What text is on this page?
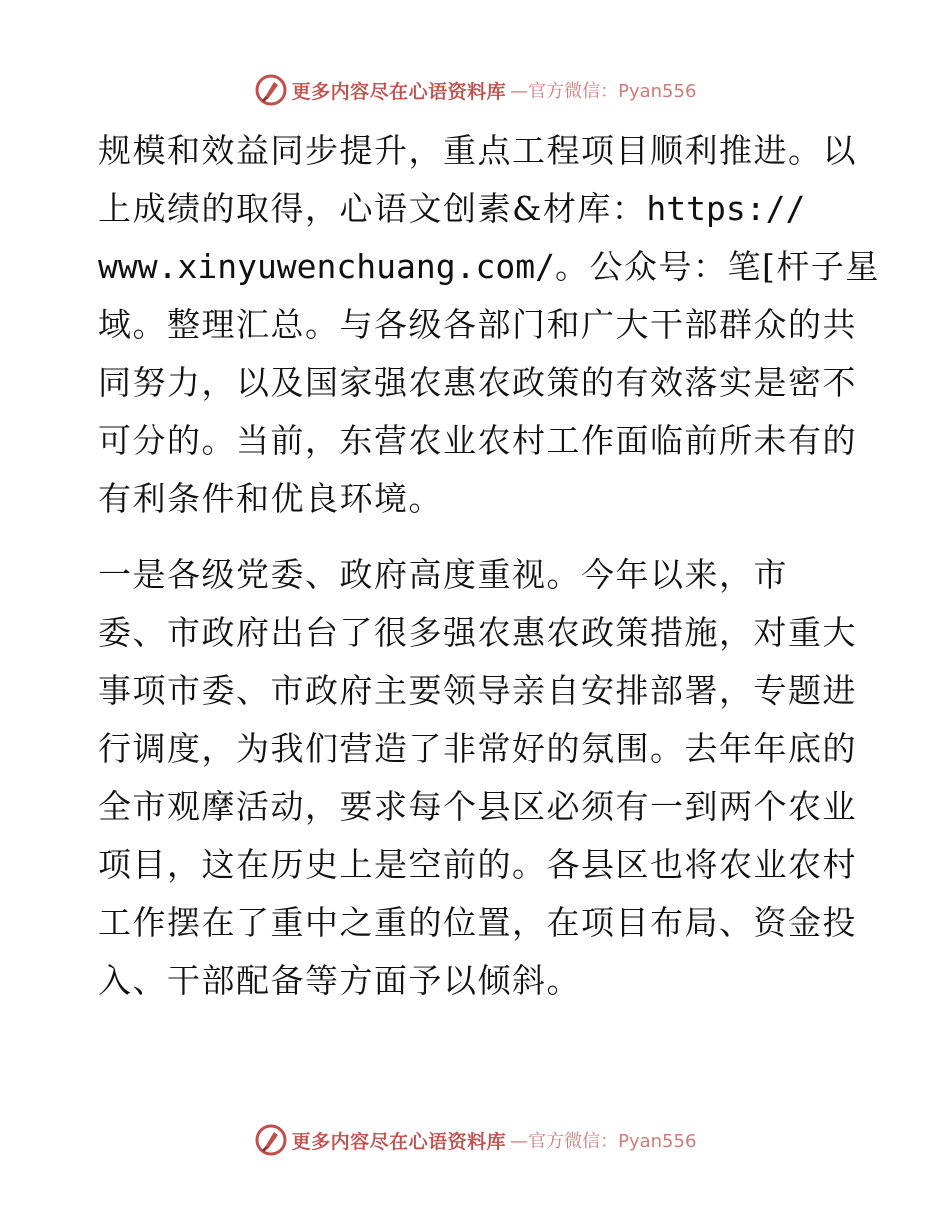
更多内容尽在心语资料库 —官方微信：Pyan556

规模和效益同步提升，重点工程项目顺利推进。以
上成绩的取得，心语文创素&材库：https://
www.xinyuwenchuang.com/。公众号：笔[杆子星
域。整理汇总。与各级各部门和广大干部群众的共
同努力，以及国家强农惠农政策的有效落实是密不
可分的。当前，东营农业农村工作面临前所未有的
有利条件和优良环境。

一是各级党委、政府高度重视。今年以来，市
委、市政府出台了很多强农惠农政策措施，对重大
事项市委、市政府主要领导亲自安排部署，专题进
行调度，为我们营造了非常好的氛围。去年年底的
全市观摩活动，要求每个县区必须有一到两个农业
项目，这在历史上是空前的。各县区也将农业农村
工作摆在了重中之重的位置，在项目布局、资金投
入、干部配备等方面予以倾斜。

更多内容尽在心语资料库 —官方微信：Pyan556
